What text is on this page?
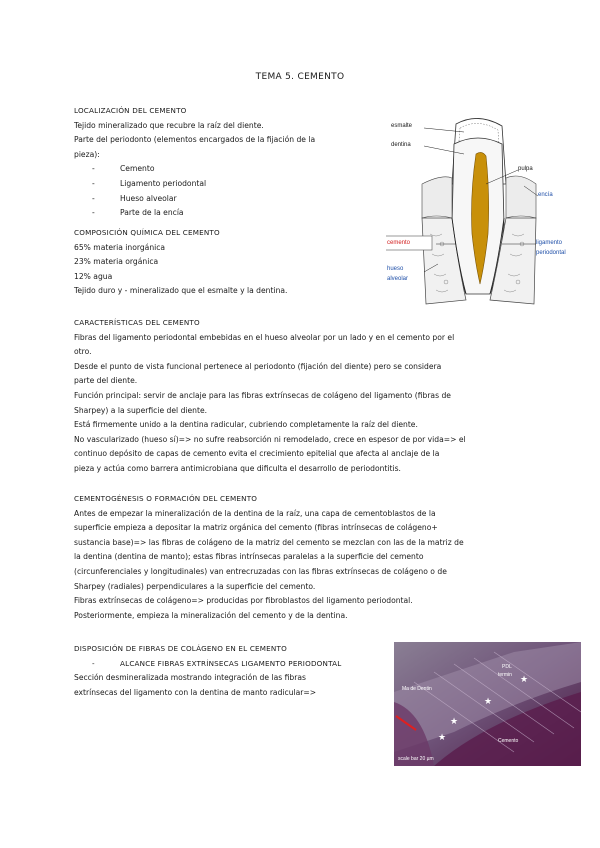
TEMA 5. CEMENTO
LOCALIZACIÓN DEL CEMENTO
Tejido mineralizado que recubre la raíz del diente.
Parte del periodonto (elementos encargados de la fijación de la
pieza):
- Cemento
- Ligamento periodontal
- Hueso alveolar
- Parte de la encía
COMPOSICIÓN QUÍMICA DEL CEMENTO
65% materia inorgánica
23% materia orgánica
12% agua
Tejido duro y - mineralizado que el esmalte y la dentina.
esmalte
dentina
pulpa
encía
cemento	ligamento
periodontal
hueso
alveolar
CARACTERÍSTICAS DEL CEMENTO
Fibras del ligamento periodontal embebidas en el hueso alveolar por un lado y en el cemento por el
otro.
Desde el punto de vista funcional pertenece al periodonto (fijación del diente) pero se considera
parte del diente.
Función principal: servir de anclaje para las fibras extrínsecas de colágeno del ligamento (fibras de
Sharpey) a la superficie del diente.
Está firmemente unido a la dentina radicular, cubriendo completamente la raíz del diente.
No vascularizado (hueso sí)=> no sufre reabsorción ni remodelado, crece en espesor de por vida=> el
continuo depósito de capas de cemento evita el crecimiento epitelial que afecta al anclaje de la
pieza y actúa como barrera antimicrobiana que dificulta el desarrollo de periodontitis.
CEMENTOGÉNESIS O FORMACIÓN DEL CEMENTO
Antes de empezar la mineralización de la dentina de la raíz, una capa de cementoblastos de la
superficie empieza a depositar la matriz orgánica del cemento (fibras intrínsecas de colágeno+
sustancia base)=> las fibras de colágeno de la matriz del cemento se mezclan con las de la matriz de
la dentina (dentina de manto); estas fibras intrínsecas paralelas a la superficie del cemento
(circunferenciales y longitudinales) van entrecruzadas con las fibras extrínsecas de colágeno o de
Sharpey (radiales) perpendiculares a la superficie del cemento.
Fibras extrínsecas de colágeno=> producidas por fibroblastos del ligamento periodontal.
Posteriormente, empieza la mineralización del cemento y de la dentina.
DISPOSICIÓN DE FIBRAS DE COLÁGENO EN EL CEMENTO
- ALCANCE FIBRAS EXTRÍNSECAS LIGAMENTO PERIODONTAL
Sección desmineralizada mostrando integración de las fibras
extrínsecas del ligamento con la dentina de manto radicular=>
PDL
termin
Ma de Dentin
Cemento
scale bar 20 µm
★
★
★
★
